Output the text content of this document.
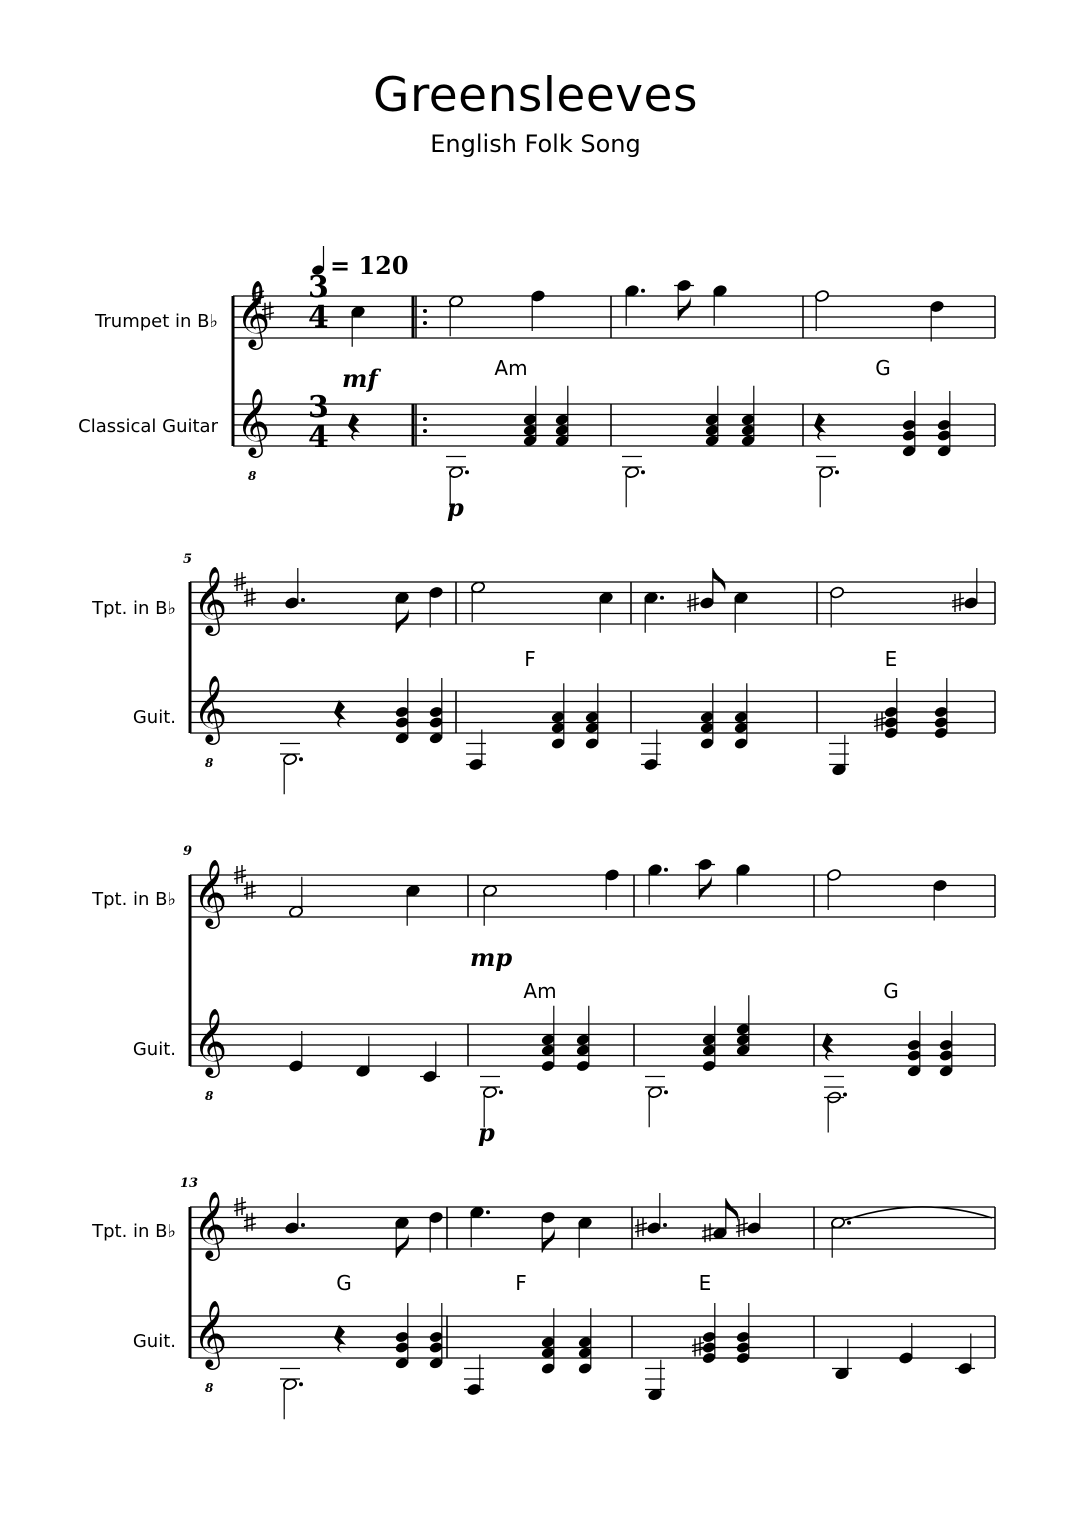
Greensleeves
English Folk Song
𝄞
𝄞
8
𝄞
𝄞
8
𝄞
𝄞
8
𝄞
𝄞
8
= 120
3
4
3
4
Trumpet in B♭
Classical Guitar
Tpt. in B♭
Guit.
Tpt. in B♭
Guit.
Tpt. in B♭
Guit.
5
9
13
Am	G
F	E
Am	G
G	F	E
mf
p
mp
p
